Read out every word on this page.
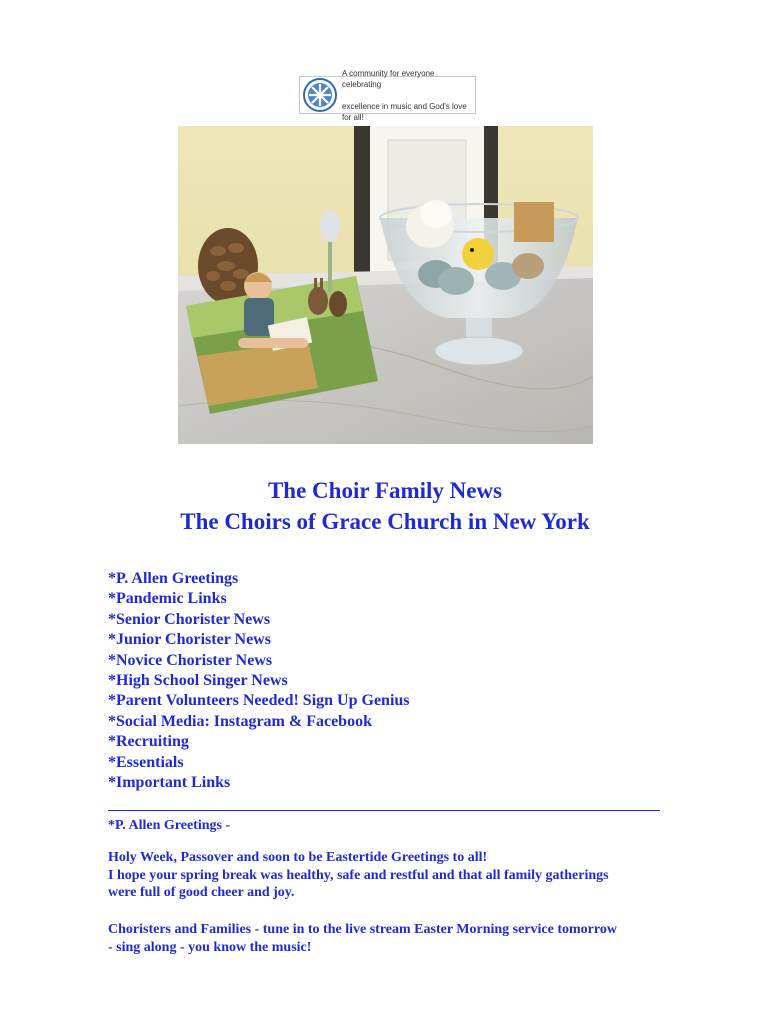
A community for everyone celebrating

excellence in music and God's love for all!

The Choir Family News
The Choirs of Grace Church in New York
*P. Allen Greetings
*Pandemic Links
*Senior Chorister News
*Junior Chorister News
*Novice Chorister News
*High School Singer News
*Parent Volunteers Needed! Sign Up Genius
*Social Media: Instagram & Facebook
*Recruiting
*Essentials
*Important Links

*P. Allen Greetings -

Holy Week, Passover and soon to be Eastertide Greetings to all!
I hope your spring break was healthy, safe and restful and that all family gatherings
were full of good cheer and joy.
Choristers and Families - tune in to the live stream Easter Morning service tomorrow
- sing along - you know the music!
